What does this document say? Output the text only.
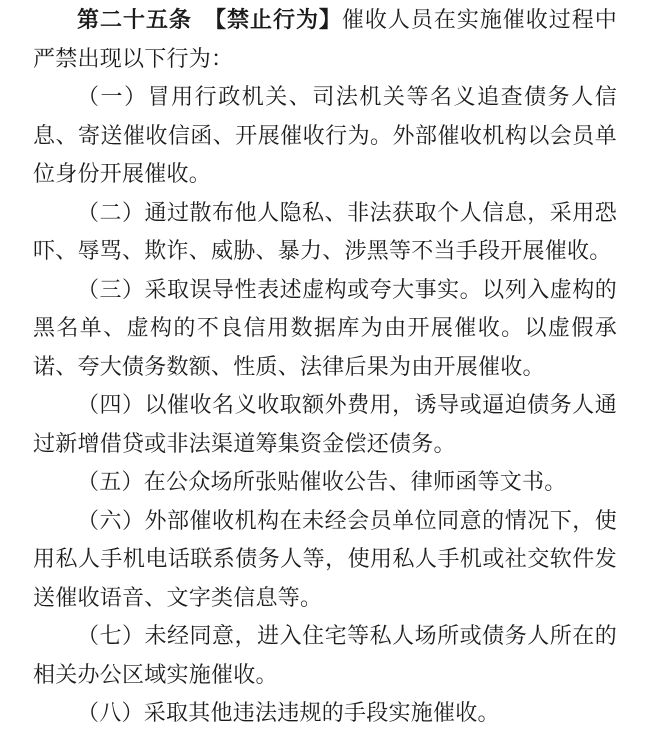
第二十五条 【禁止行为】催收人员在实施催收过程中严禁出现以下行为：

（一）冒用行政机关、司法机关等名义追查债务人信息、寄送催收信函、开展催收行为。外部催收机构以会员单位身份开展催收。

（二）通过散布他人隐私、非法获取个人信息，采用恐吓、辱骂、欺诈、威胁、暴力、涉黑等不当手段开展催收。

（三）采取误导性表述虚构或夸大事实。以列入虚构的黑名单、虚构的不良信用数据库为由开展催收。以虚假承诺、夸大债务数额、性质、法律后果为由开展催收。

（四）以催收名义收取额外费用，诱导或逼迫债务人通过新增借贷或非法渠道筹集资金偿还债务。

（五）在公众场所张贴催收公告、律师函等文书。

（六）外部催收机构在未经会员单位同意的情况下，使用私人手机电话联系债务人等，使用私人手机或社交软件发送催收语音、文字类信息等。

（七）未经同意，进入住宅等私人场所或债务人所在的相关办公区域实施催收。

（八）采取其他违法违规的手段实施催收。
